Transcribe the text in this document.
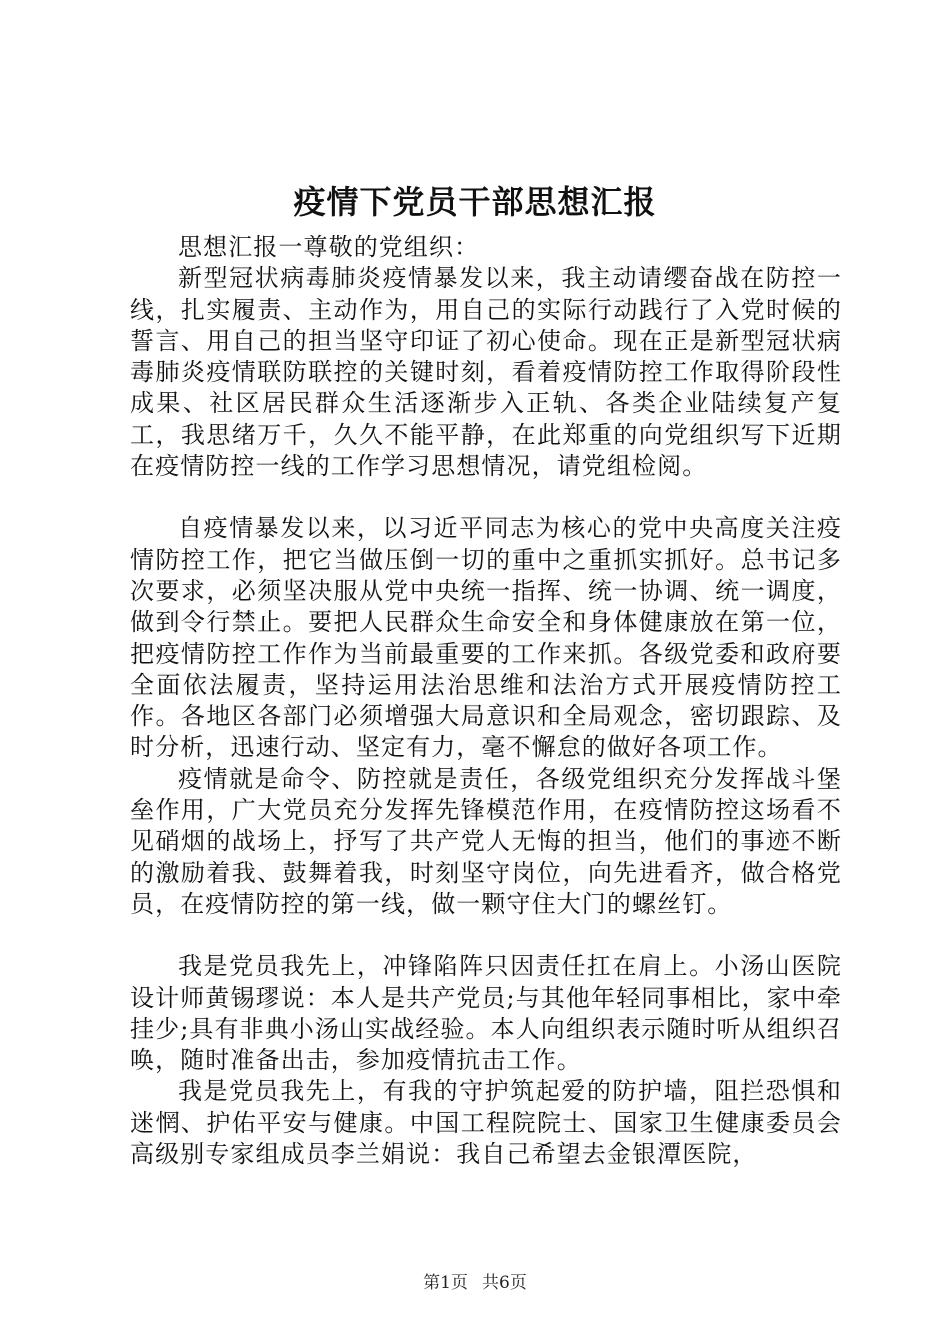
疫情下党员干部思想汇报

思想汇报一尊敬的党组织：

新型冠状病毒肺炎疫情暴发以来，我主动请缨奋战在防控一线，扎实履责、主动作为，用自己的实际行动践行了入党时候的誓言、用自己的担当坚守印证了初心使命。现在正是新型冠状病毒肺炎疫情联防联控的关键时刻，看着疫情防控工作取得阶段性成果、社区居民群众生活逐渐步入正轨、各类企业陆续复产复工，我思绪万千，久久不能平静，在此郑重的向党组织写下近期在疫情防控一线的工作学习思想情况，请党组检阅。

自疫情暴发以来，以习近平同志为核心的党中央高度关注疫情防控工作，把它当做压倒一切的重中之重抓实抓好。总书记多次要求，必须坚决服从党中央统一指挥、统一协调、统一调度，做到令行禁止。要把人民群众生命安全和身体健康放在第一位，把疫情防控工作作为当前最重要的工作来抓。各级党委和政府要全面依法履责，坚持运用法治思维和法治方式开展疫情防控工作。各地区各部门必须增强大局意识和全局观念，密切跟踪、及时分析，迅速行动、坚定有力，毫不懈怠的做好各项工作。

疫情就是命令、防控就是责任，各级党组织充分发挥战斗堡垒作用，广大党员充分发挥先锋模范作用，在疫情防控这场看不见硝烟的战场上，抒写了共产党人无悔的担当，他们的事迹不断的激励着我、鼓舞着我，时刻坚守岗位，向先进看齐，做合格党员，在疫情防控的第一线，做一颗守住大门的螺丝钉。

我是党员我先上，冲锋陷阵只因责任扛在肩上。小汤山医院设计师黄锡璆说：本人是共产党员;与其他年轻同事相比，家中牵挂少;具有非典小汤山实战经验。本人向组织表示随时听从组织召唤，随时准备出击，参加疫情抗击工作。

我是党员我先上，有我的守护筑起爱的防护墙，阻拦恐惧和迷惘、护佑平安与健康。中国工程院院士、国家卫生健康委员会高级别专家组成员李兰娟说：我自己希望去金银潭医院，

第1页 共6页
